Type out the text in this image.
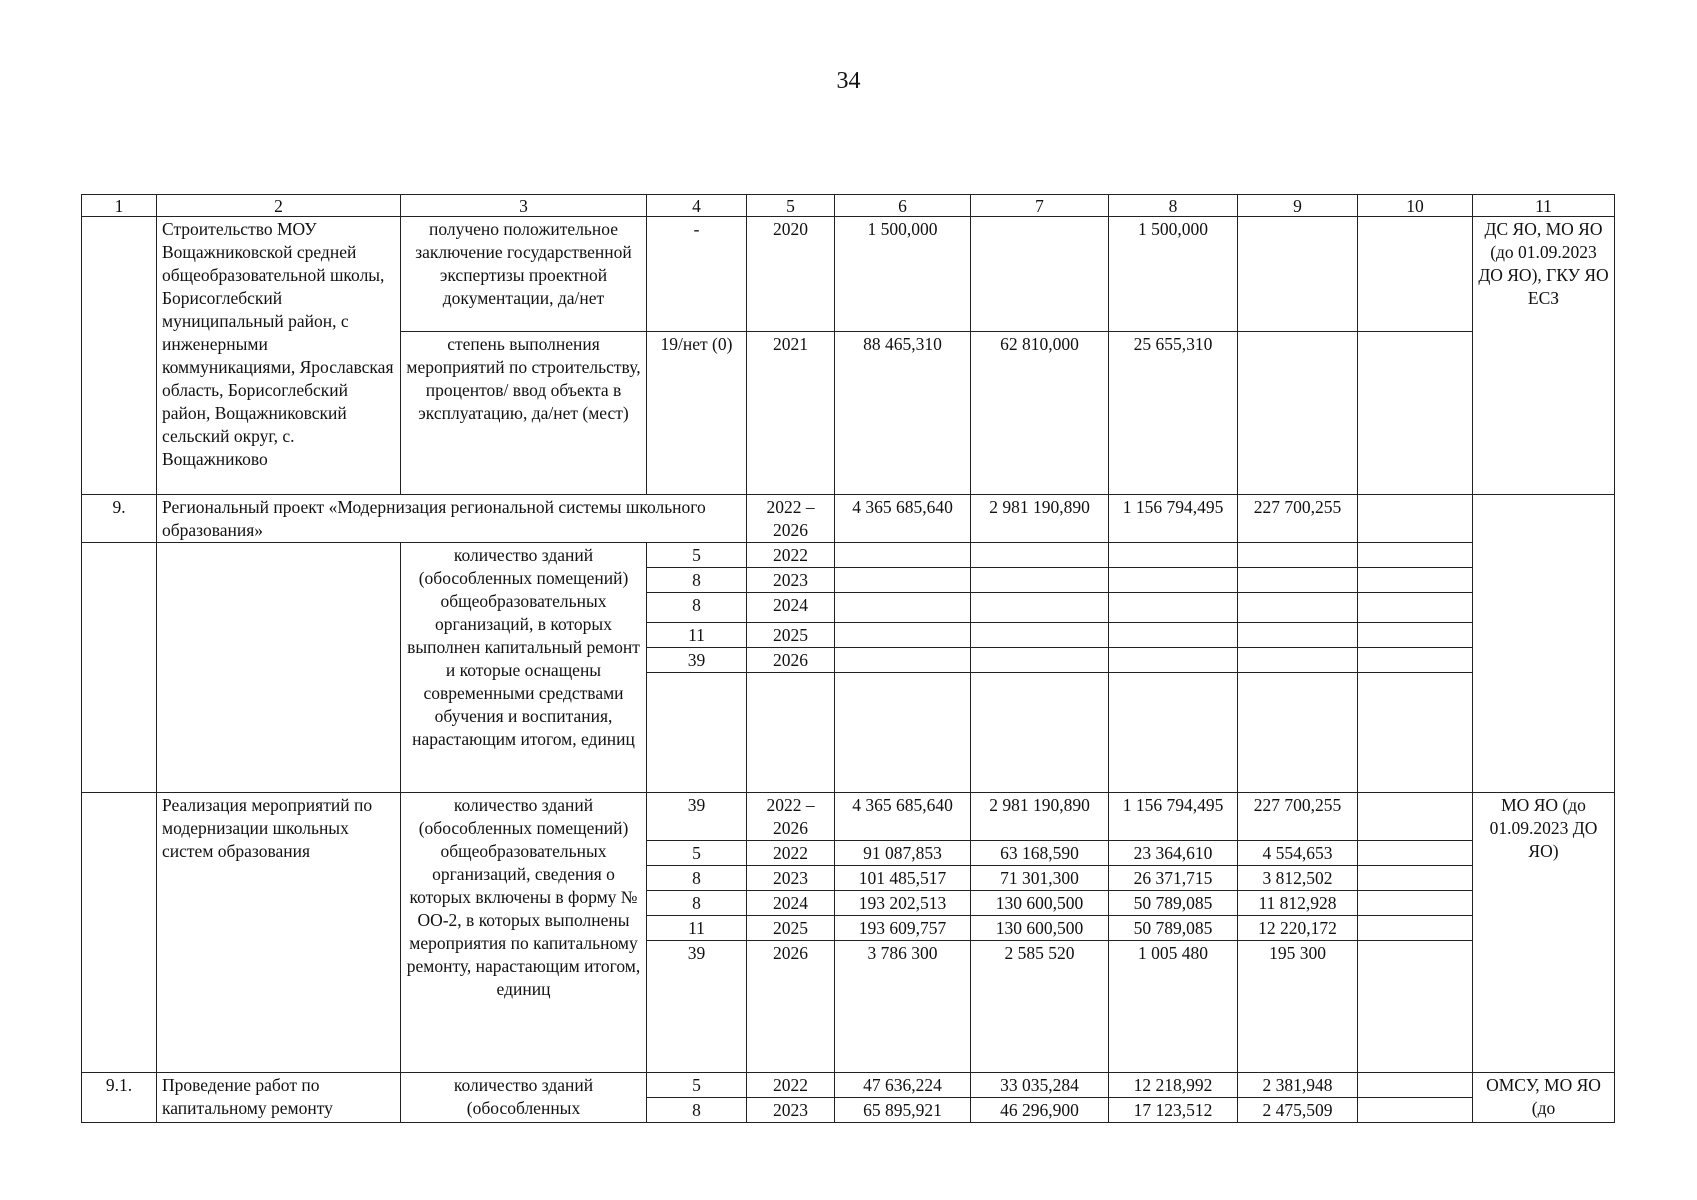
34
1	2	3	4	5	6	7	8	9	10	11
	Строительство МОУ Вощажниковской средней общеобразовательной школы, Борисоглебский муниципальный район, с инженерными коммуникациями, Ярославская область, Борисоглебский район, Вощажниковский сельский округ, с. Вощажниково	получено положительное заключение государственной экспертизы проектной документации, да/нет	-	2020	1 500,000		1 500,000			ДС ЯО, МО ЯО (до 01.09.2023 ДО ЯО), ГКУ ЯО ЕСЗ
		степень выполнения мероприятий по строительству, процентов/ ввод объекта в эксплуатацию, да/нет (мест)	19/нет (0)	2021	88 465,310	62 810,000	25 655,310			
9.	Региональный проект «Модернизация региональной системы школьного образования»			2022 – 2026	4 365 685,640	2 981 190,890	1 156 794,495	227 700,255		
		количество зданий (обособленных помещений) общеобразовательных организаций, в которых выполнен капитальный ремонт и которые оснащены современными средствами обучения и воспитания, нарастающим итогом, единиц	5	2022						
			8	2023						
			8	2024						
			11	2025						
			39	2026						

	Реализация мероприятий по модернизации школьных систем образования	количество зданий (обособленных помещений) общеобразовательных организаций, сведения о которых включены в форму № ОО-2, в которых выполнены мероприятия по капитальному ремонту, нарастающим итогом, единиц	39	2022 – 2026	4 365 685,640	2 981 190,890	1 156 794,495	227 700,255		МО ЯО (до 01.09.2023 ДО ЯО)
			5	2022	91 087,853	63 168,590	23 364,610	4 554,653		
			8	2023	101 485,517	71 301,300	26 371,715	3 812,502		
			8	2024	193 202,513	130 600,500	50 789,085	11 812,928		
			11	2025	193 609,757	130 600,500	50 789,085	12 220,172		
			39	2026	3 786 300	2 585 520	1 005 480	195 300		
9.1.	Проведение работ по капитальному ремонту	количество зданий (обособленных	5	2022	47 636,224	33 035,284	12 218,992	2 381,948		ОМСУ, МО ЯО (до
			8	2023	65 895,921	46 296,900	17 123,512	2 475,509		
